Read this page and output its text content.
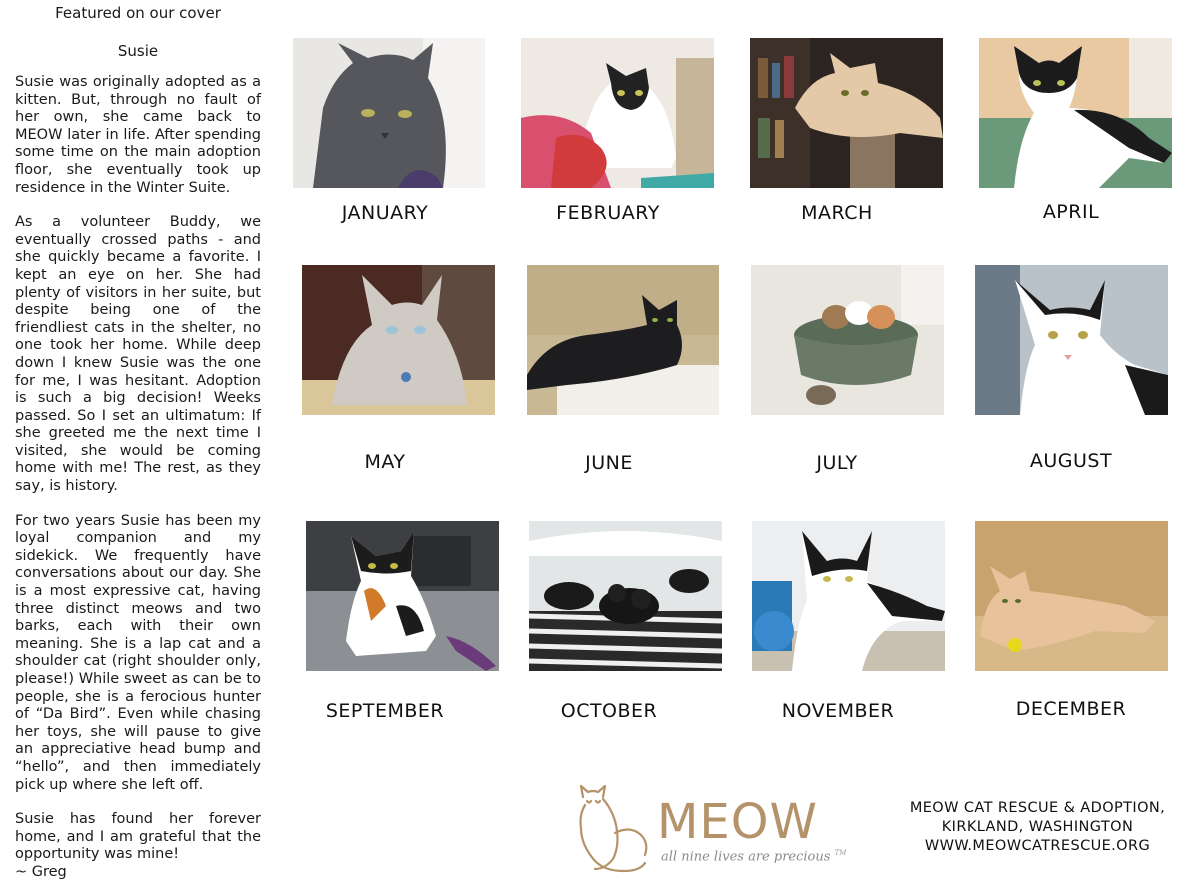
Featured on our cover
Susie

Susie was originally adopted as a kitten. But, through no fault of her own, she came back to MEOW later in life. After spending some time on the main adoption floor, she eventually took up residence in the Winter Suite.

As a volunteer Buddy, we eventually crossed paths - and she quickly became a favorite. I kept an eye on her. She had plenty of visitors in her suite, but despite being one of the friendliest cats in the shelter, no one took her home. While deep down I knew Susie was the one for me, I was hesitant. Adoption is such a big decision! Weeks passed. So I set an ultimatum: If she greeted me the next time I visited, she would be coming home with me! The rest, as they say, is history.

For two years Susie has been my loyal companion and my sidekick. We frequently have conversations about our day. She is a most expressive cat, having three distinct meows and two barks, each with their own meaning. She is a lap cat and a shoulder cat (right shoulder only, please!) While sweet as can be to people, she is a ferocious hunter of “Da Bird”. Even while chasing her toys, she will pause to give an appreciative head bump and “hello”, and then immediately pick up where she left off.

Susie has found her forever home, and I am grateful that the opportunity was mine!

~ Greg
JANUARY	FEBRUARY	MARCH	APRIL
MAY	JUNE	JULY	AUGUST
SEPTEMBER	OCTOBER	NOVEMBER	DECEMBER
MEOW
all nine lives are precious ™
MEOW CAT RESCUE & ADOPTION,
KIRKLAND, WASHINGTON
WWW.MEOWCATRESCUE.ORG
